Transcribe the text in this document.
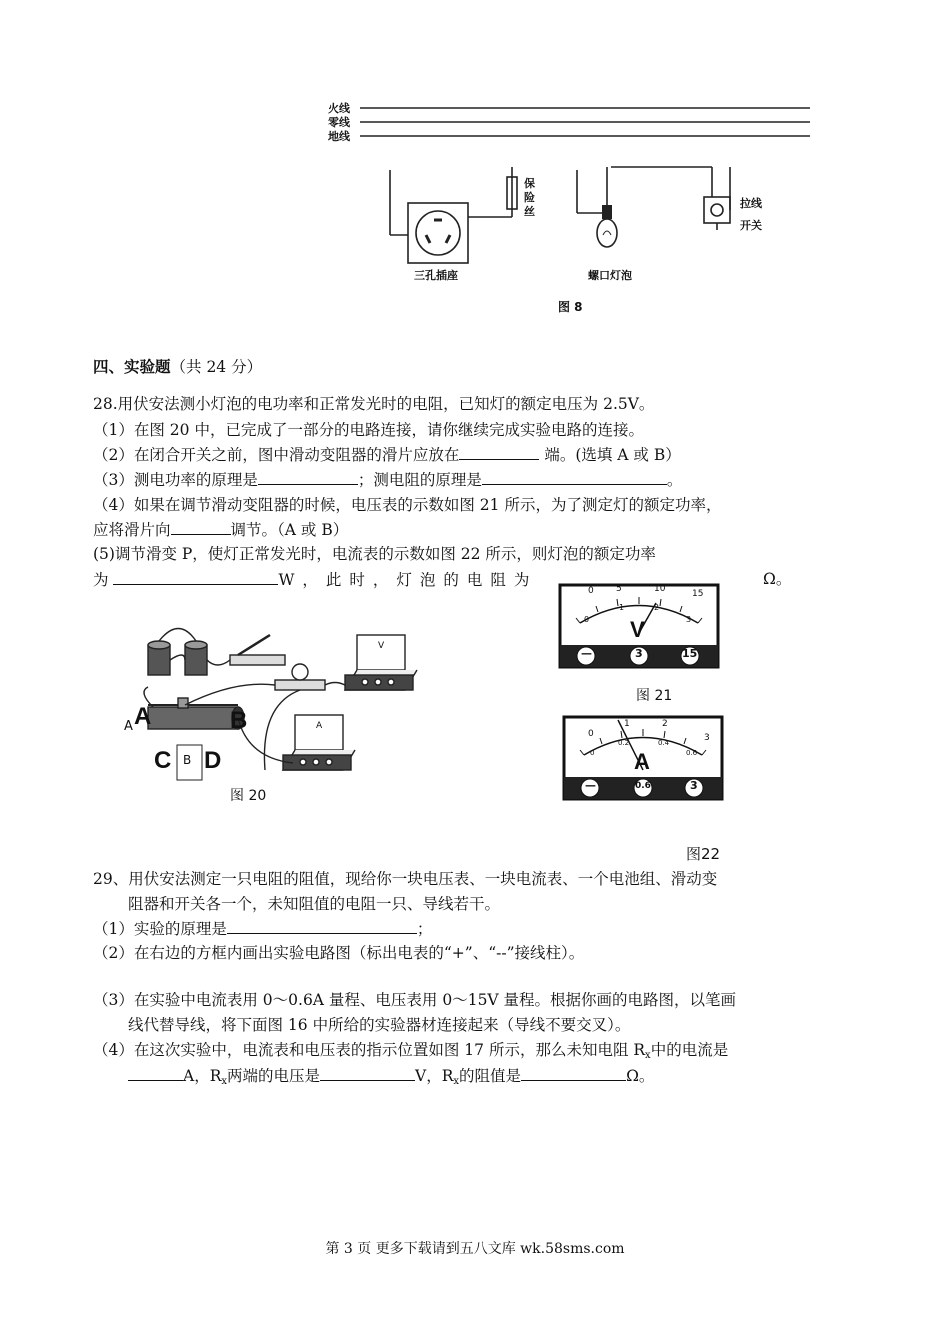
火线
零线
地线
保
险
丝
拉线
开关
三孔插座	螺口灯泡
图 8
四、实验题（共 24 分）
28.用伏安法测小灯泡的电功率和正常发光时的电阻，已知灯的额定电压为 2.5V。
（1）在图 20 中，已完成了一部分的电路连接，请你继续完成实验电路的连接。
（2）在闭合开关之前，图中滑动变阻器的滑片应放在	端。(选填 A 或 B）
（3）测电功率的原理是	；测电阻的原理是	。
（4）如果在调节滑动变阻器的时候，电压表的示数如图 21 所示，为了测定灯的额定功率，
应将滑片向	调节。（A 或 B）
(5)调节滑变 P，使灯正常发光时，电流表的示数如图 22 所示，则灯泡的额定功率
为	W，此时，灯泡的电阻为	Ω。
A A	B
C D
B
V
A
图 20
0 5	10	15
0
1	2
3
V
—	3	15
图 21
0
1	2
3
0
0.2	0.4
0.6
A
—	0.6	3
图22
29、用伏安法测定一只电阻的阻值，现给你一块电压表、一块电流表、一个电池组、滑动变
阻器和开关各一个，未知阻值的电阻一只、导线若干。
（1）实验的原理是	；
（2）在右边的方框内画出实验电路图（标出电表的“+”、“--”接线柱）。
（3）在实验中电流表用 0～0.6A 量程、电压表用 0～15V 量程。根据你画的电路图，以笔画
线代替导线，将下面图 16 中所给的实验器材连接起来（导线不要交叉）。
（4）在这次实验中，电流表和电压表的指示位置如图 17 所示，那么未知电阻 $R_x$中的电流是
A，$R_x$两端的电压是	V，$R_x$的阻值是	Ω。
第 3 页 更多下载请到五八文库 wk.58sms.com
